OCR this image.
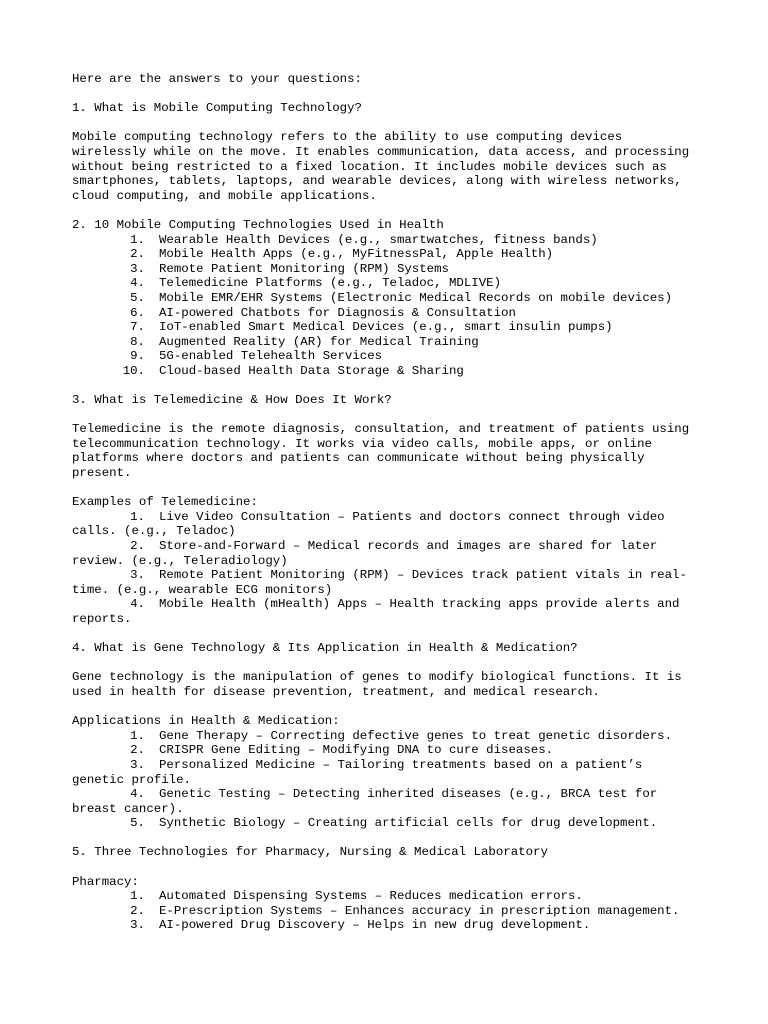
Here are the answers to your questions:

1. What is Mobile Computing Technology?

Mobile computing technology refers to the ability to use computing devices

wirelessly while on the move. It enables communication, data access, and processing

without being restricted to a fixed location. It includes mobile devices such as

smartphones, tablets, laptops, and wearable devices, along with wireless networks,

cloud computing, and mobile applications.

2. 10 Mobile Computing Technologies Used in Health

1. Wearable Health Devices (e.g., smartwatches, fitness bands)

2. Mobile Health Apps (e.g., MyFitnessPal, Apple Health)

3. Remote Patient Monitoring (RPM) Systems

4. Telemedicine Platforms (e.g., Teladoc, MDLIVE)

5. Mobile EMR/EHR Systems (Electronic Medical Records on mobile devices)

6. AI-powered Chatbots for Diagnosis & Consultation

7. IoT-enabled Smart Medical Devices (e.g., smart insulin pumps)

8. Augmented Reality (AR) for Medical Training

9. 5G-enabled Telehealth Services

10. Cloud-based Health Data Storage & Sharing

3. What is Telemedicine & How Does It Work?

Telemedicine is the remote diagnosis, consultation, and treatment of patients using

telecommunication technology. It works via video calls, mobile apps, or online

platforms where doctors and patients can communicate without being physically

present.

Examples of Telemedicine:

1. Live Video Consultation – Patients and doctors connect through video

calls. (e.g., Teladoc)

2. Store-and-Forward – Medical records and images are shared for later

review. (e.g., Teleradiology)

3. Remote Patient Monitoring (RPM) – Devices track patient vitals in real-

time. (e.g., wearable ECG monitors)

4. Mobile Health (mHealth) Apps – Health tracking apps provide alerts and

reports.

4. What is Gene Technology & Its Application in Health & Medication?

Gene technology is the manipulation of genes to modify biological functions. It is

used in health for disease prevention, treatment, and medical research.

Applications in Health & Medication:

1. Gene Therapy – Correcting defective genes to treat genetic disorders.

2. CRISPR Gene Editing – Modifying DNA to cure diseases.

3. Personalized Medicine – Tailoring treatments based on a patient’s

genetic profile.

4. Genetic Testing – Detecting inherited diseases (e.g., BRCA test for

breast cancer).

5. Synthetic Biology – Creating artificial cells for drug development.

5. Three Technologies for Pharmacy, Nursing & Medical Laboratory

Pharmacy:

1. Automated Dispensing Systems – Reduces medication errors.

2. E-Prescription Systems – Enhances accuracy in prescription management.

3. AI-powered Drug Discovery – Helps in new drug development.
